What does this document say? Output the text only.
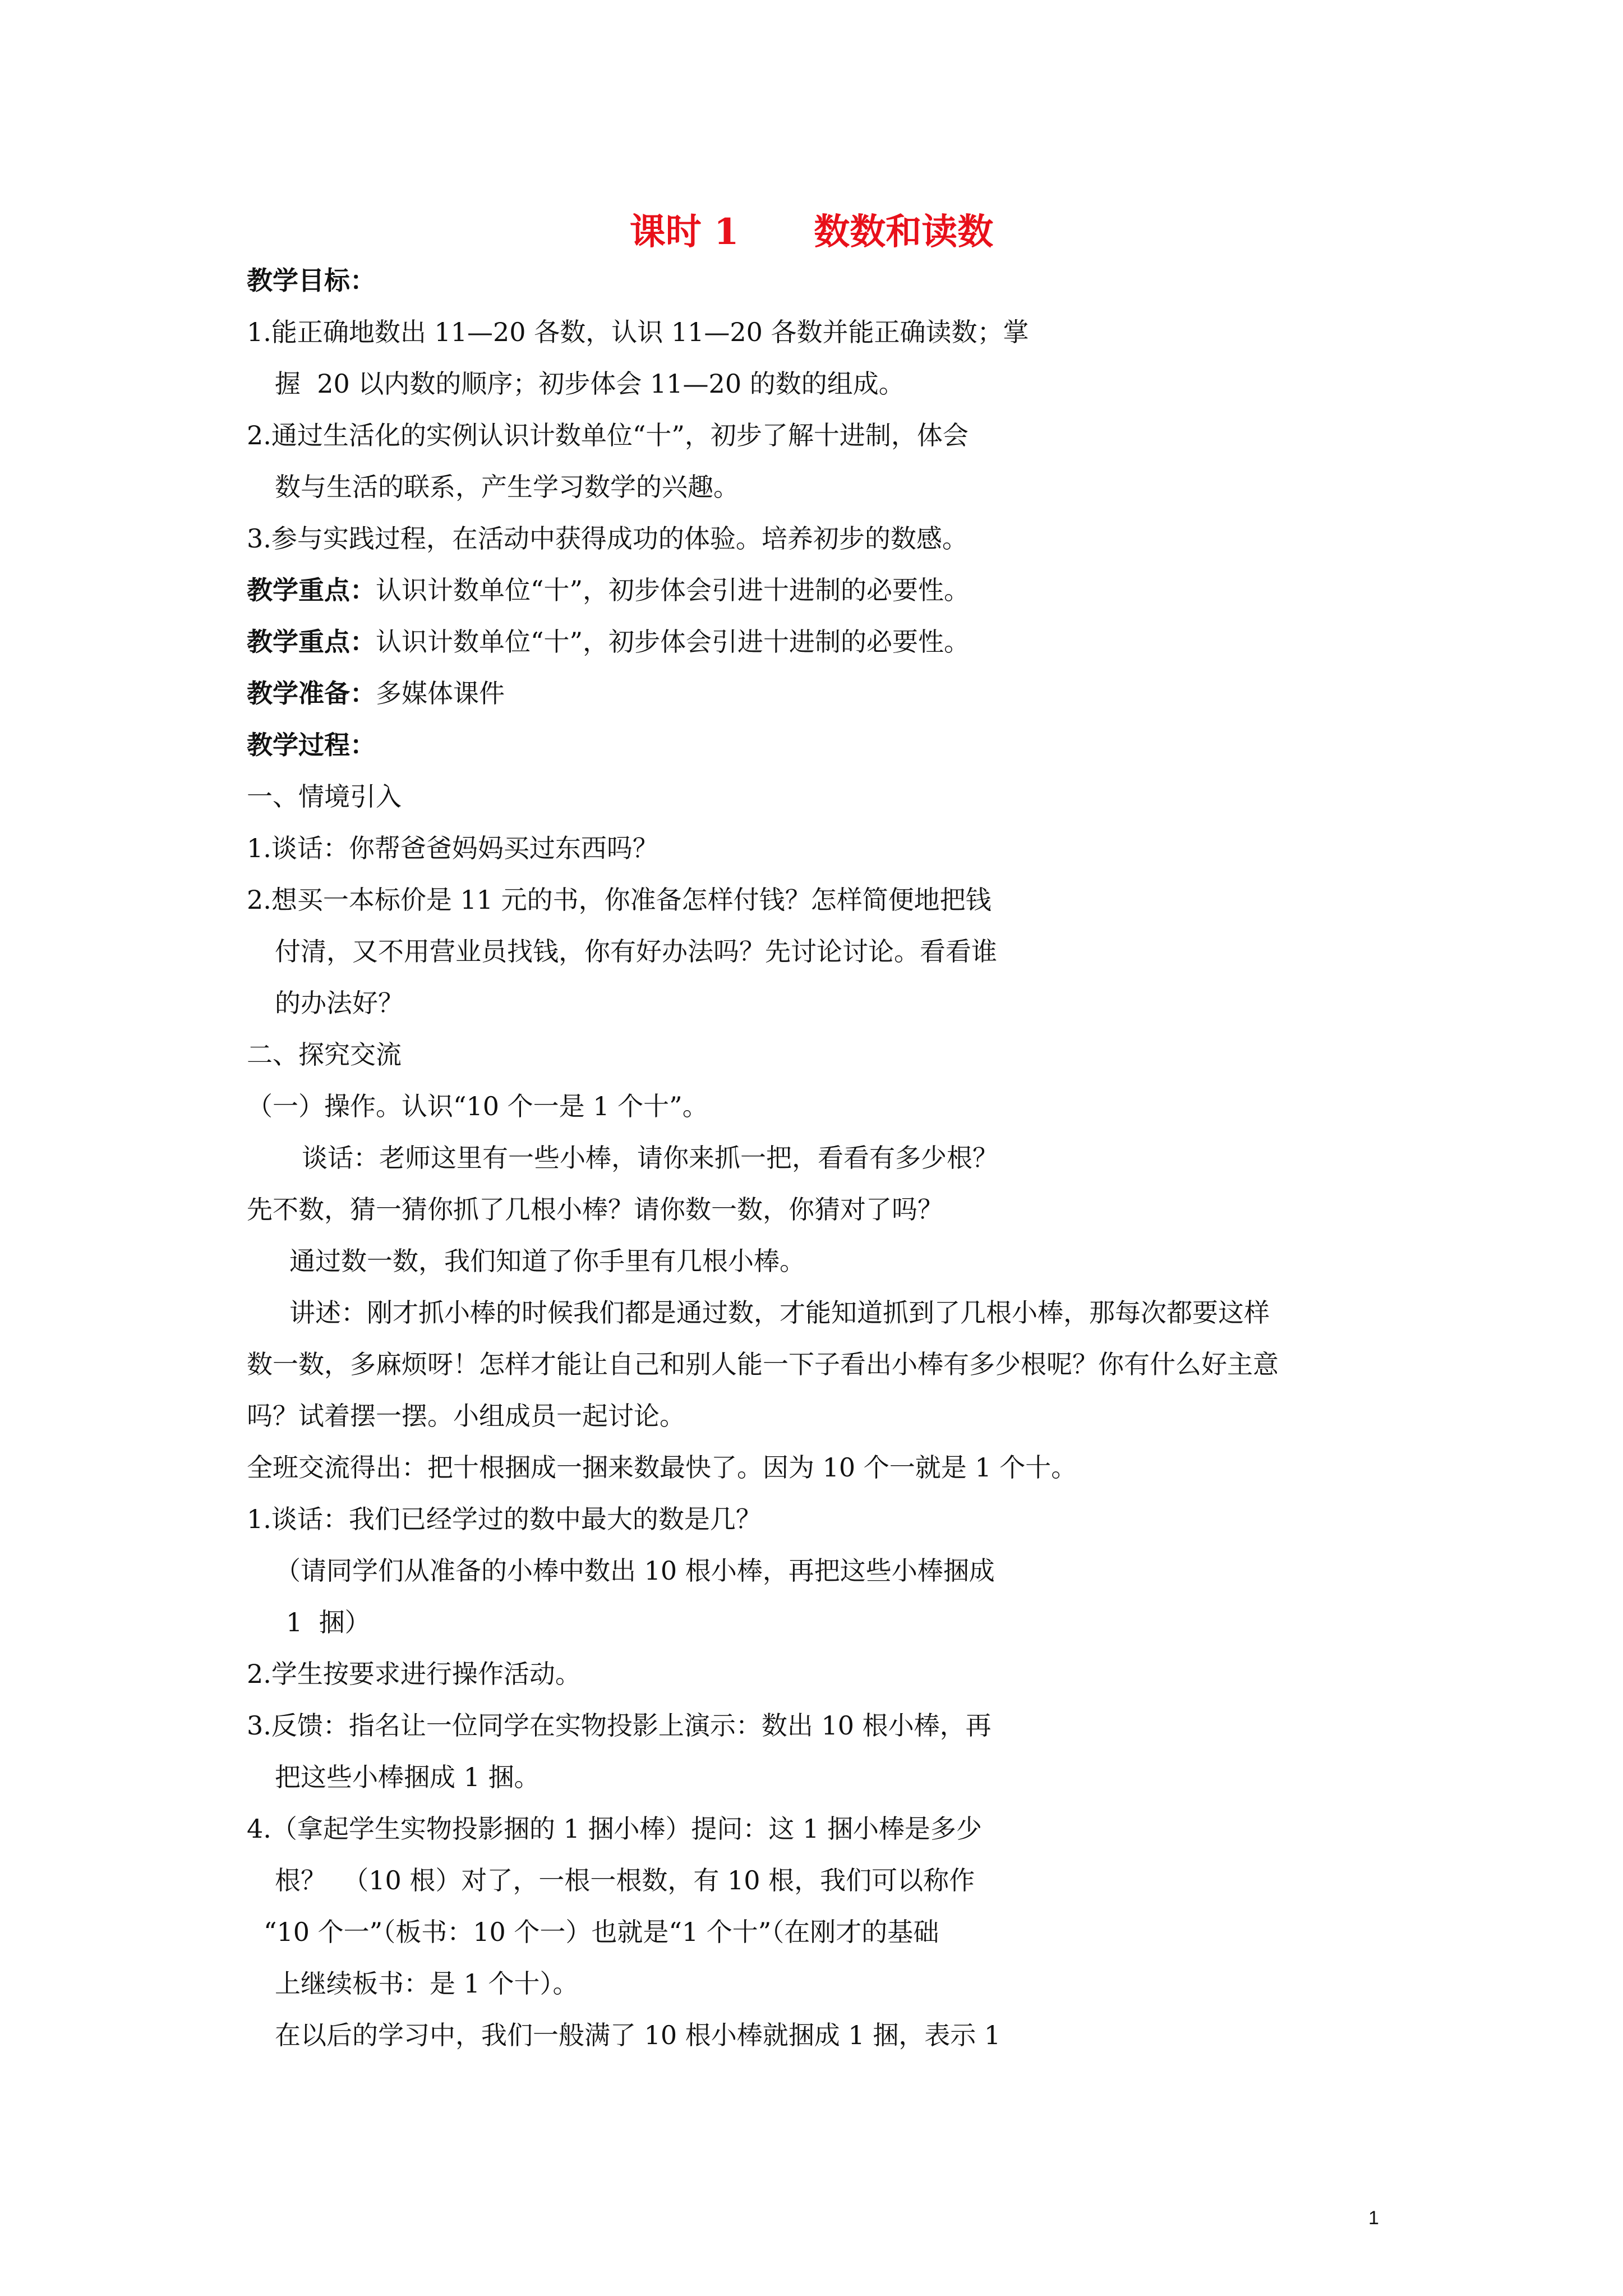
课时 1      数数和读数
教学目标：
1.能正确地数出 11—20 各数，认识 11—20 各数并能正确读数；掌
握  20 以内数的顺序；初步体会 11—20 的数的组成。
2.通过生活化的实例认识计数单位“十”，初步了解十进制，体会
数与生活的联系，产生学习数学的兴趣。
3.参与实践过程，在活动中获得成功的体验。培养初步的数感。
教学重点：认识计数单位“十”，初步体会引进十进制的必要性。
教学重点：认识计数单位“十”，初步体会引进十进制的必要性。
教学准备：多媒体课件
教学过程：
一、情境引入
1.谈话：你帮爸爸妈妈买过东西吗？
2.想买一本标价是 11 元的书，你准备怎样付钱？怎样简便地把钱
付清，又不用营业员找钱，你有好办法吗？先讨论讨论。看看谁
的办法好？
二、探究交流
（一）操作。认识“10 个一是 1 个十”。
谈话：老师这里有一些小棒，请你来抓一把，看看有多少根？
先不数，猜一猜你抓了几根小棒？请你数一数，你猜对了吗？
通过数一数，我们知道了你手里有几根小棒。
讲述：刚才抓小棒的时候我们都是通过数，才能知道抓到了几根小棒，那每次都要这样
数一数，多麻烦呀！怎样才能让自己和别人能一下子看出小棒有多少根呢？你有什么好主意
吗？试着摆一摆。小组成员一起讨论。
全班交流得出：把十根捆成一捆来数最快了。因为 10 个一就是 1 个十。
1.谈话：我们已经学过的数中最大的数是几？
（请同学们从准备的小棒中数出 10 根小棒，再把这些小棒捆成
1  捆）
2.学生按要求进行操作活动。
3.反馈：指名让一位同学在实物投影上演示：数出 10 根小棒，再
把这些小棒捆成 1 捆。
4.（拿起学生实物投影捆的 1 捆小棒）提问：这 1 捆小棒是多少
根？  （10 根）对了，一根一根数，有 10 根，我们可以称作
“10 个一”（板书：10 个一）也就是“1 个十”（在刚才的基础
上继续板书：是 1 个十）。
在以后的学习中，我们一般满了 10 根小棒就捆成 1 捆，表示 1
1
